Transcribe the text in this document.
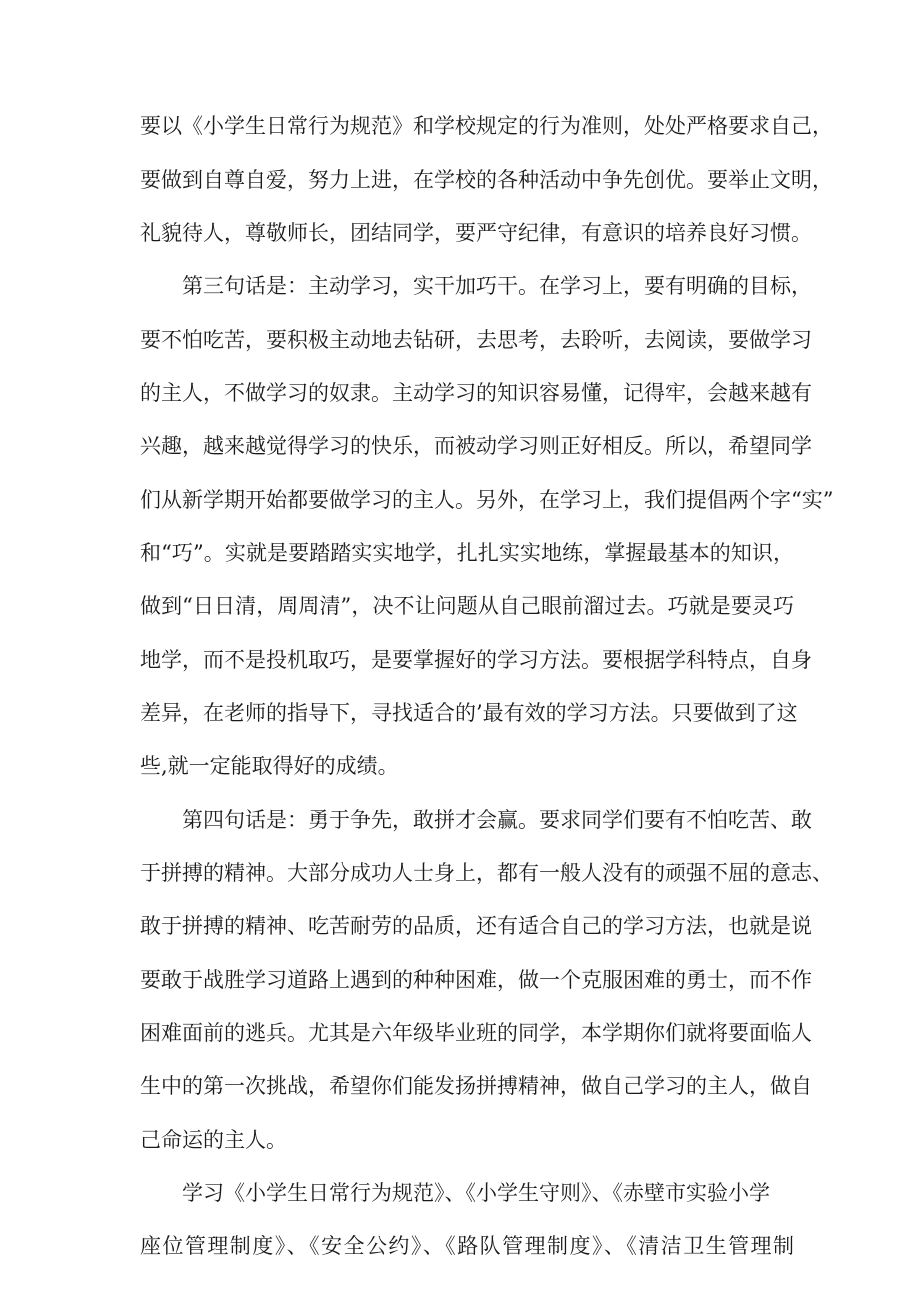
要以《小学生日常行为规范》和学校规定的行为准则，处处严格要求自己，
要做到自尊自爱，努力上进，在学校的各种活动中争先创优。要举止文明，
礼貌待人，尊敬师长，团结同学，要严守纪律，有意识的培养良好习惯。
第三句话是：主动学习，实干加巧干。在学习上，要有明确的目标，
要不怕吃苦，要积极主动地去钻研，去思考，去聆听，去阅读，要做学习
的主人，不做学习的奴隶。主动学习的知识容易懂，记得牢，会越来越有
兴趣，越来越觉得学习的快乐，而被动学习则正好相反。所以，希望同学
们从新学期开始都要做学习的主人。另外，在学习上，我们提倡两个字“实”
和“巧”。实就是要踏踏实实地学，扎扎实实地练，掌握最基本的知识，
做到“日日清，周周清”，决不让问题从自己眼前溜过去。巧就是要灵巧
地学，而不是投机取巧，是要掌握好的学习方法。要根据学科特点，自身
差异，在老师的指导下，寻找适合的’最有效的学习方法。只要做到了这
些,就一定能取得好的成绩。
第四句话是：勇于争先，敢拼才会赢。要求同学们要有不怕吃苦、敢
于拼搏的精神。大部分成功人士身上，都有一般人没有的顽强不屈的意志、
敢于拼搏的精神、吃苦耐劳的品质，还有适合自己的学习方法，也就是说
要敢于战胜学习道路上遇到的种种困难，做一个克服困难的勇士，而不作
困难面前的逃兵。尤其是六年级毕业班的同学，本学期你们就将要面临人
生中的第一次挑战，希望你们能发扬拼搏精神，做自己学习的主人，做自
己命运的主人。
学习《小学生日常行为规范》、《小学生守则》、《赤壁市实验小学
座位管理制度》、《安全公约》、《路队管理制度》、《清洁卫生管理制
